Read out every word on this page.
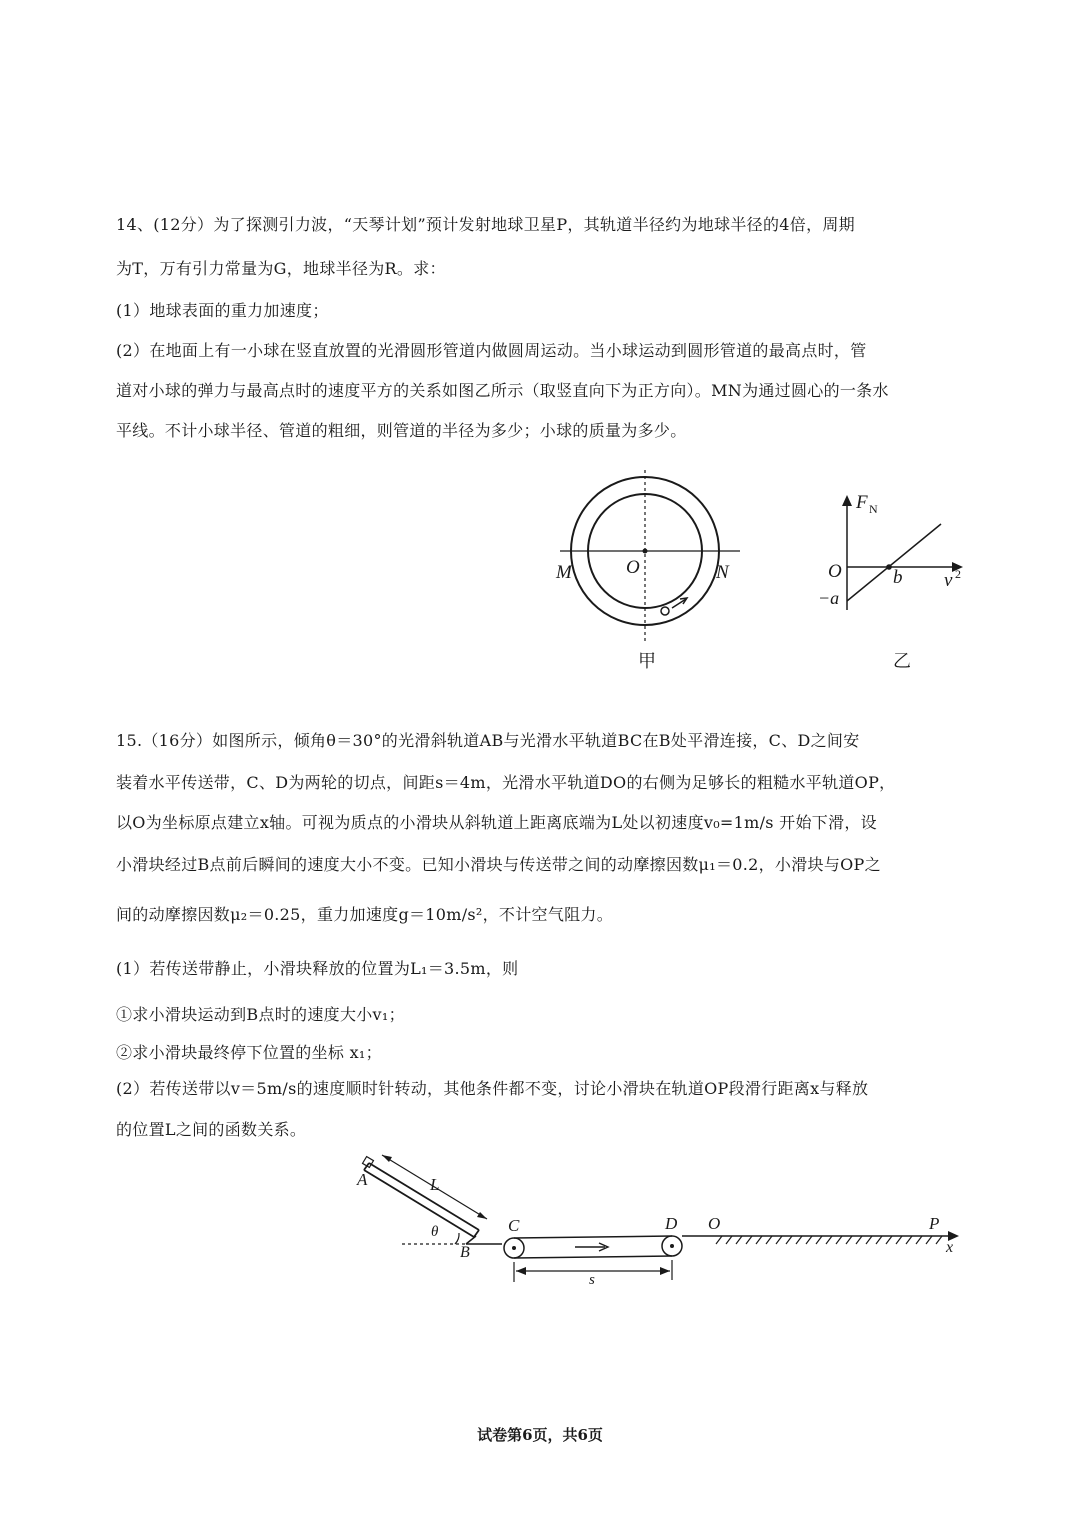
14、(12分）为了探测引力波，“天琴计划”预计发射地球卫星P，其轨道半径约为地球半径的4倍，周期
为T，万有引力常量为G，地球半径为R。求：
(1）地球表面的重力加速度；
(2）在地面上有一小球在竖直放置的光滑圆形管道内做圆周运动。当小球运动到圆形管道的最高点时，管
道对小球的弹力与最高点时的速度平方的关系如图乙所示（取竖直向下为正方向）。MN为通过圆心的一条水
平线。不计小球半径、管道的粗细，则管道的半径为多少；小球的质量为多少。
M	N
O
甲
F N
O	b
−a
v 2
乙
A	L
θ
B
C	D O	P
s
x
15.（16分）如图所示，倾角θ＝30°的光滑斜轨道AB与光滑水平轨道BC在B处平滑连接，C、D之间安
装着水平传送带，C、D为两轮的切点，间距s＝4m，光滑水平轨道DO的右侧为足够长的粗糙水平轨道OP，
以O为坐标原点建立x轴。可视为质点的小滑块从斜轨道上距离底端为L处以初速度v₀=1m/s 开始下滑，设
小滑块经过B点前后瞬间的速度大小不变。已知小滑块与传送带之间的动摩擦因数μ₁＝0.2，小滑块与OP之
间的动摩擦因数μ₂＝0.25，重力加速度g＝10m/s²，不计空气阻力。
(1）若传送带静止，小滑块释放的位置为L₁＝3.5m，则
①求小滑块运动到B点时的速度大小v₁；
②求小滑块最终停下位置的坐标 x₁；
(2）若传送带以v＝5m/s的速度顺时针转动，其他条件都不变，讨论小滑块在轨道OP段滑行距离x与释放
的位置L之间的函数关系。
试卷第6页，共6页
